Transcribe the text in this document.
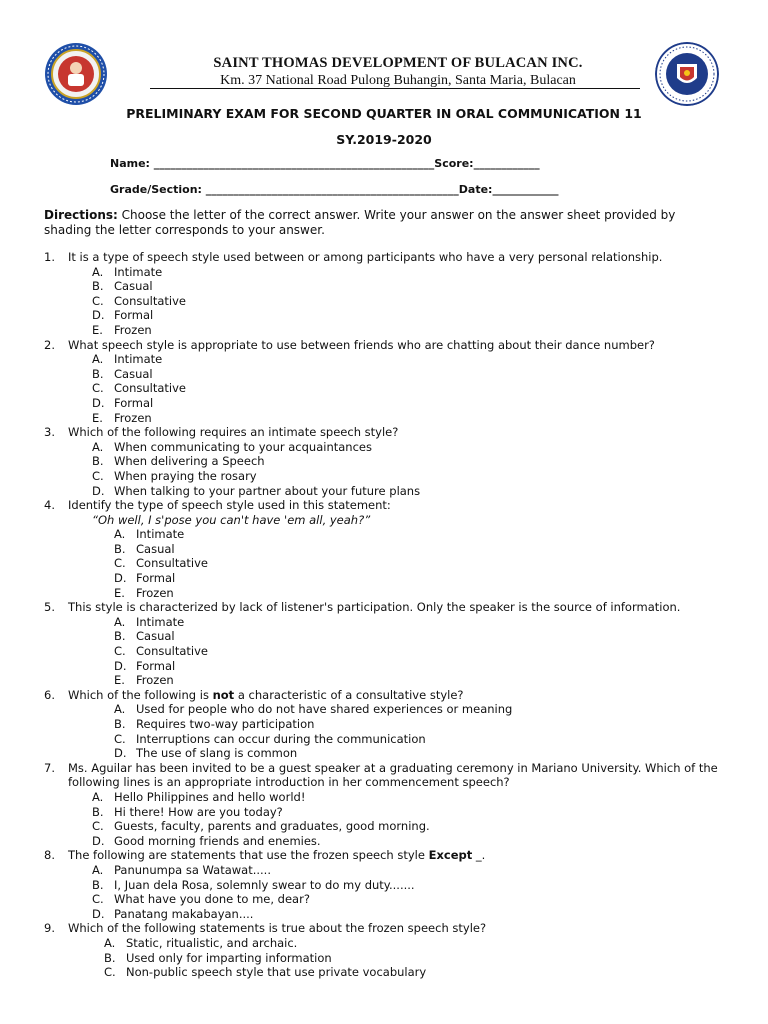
SAINT THOMAS DEVELOPMENT OF BULACAN INC.
Km. 37 National Road Pulong Buhangin, Santa Maria, Bulacan
PRELIMINARY EXAM FOR SECOND QUARTER IN ORAL COMMUNICATION 11
SY.2019-2020
Name: ___________________________________________________Score:____________
Grade/Section: ______________________________________________Date:____________
Directions: Choose the letter of the correct answer. Write your answer on the answer sheet provided by shading the letter corresponds to your answer.
1. It is a type of speech style used between or among participants who have a very personal relationship.
A. Intimate
B. Casual
C. Consultative
D. Formal
E. Frozen
2. What speech style is appropriate to use between friends who are chatting about their dance number?
A. Intimate
B. Casual
C. Consultative
D. Formal
E. Frozen
3. Which of the following requires an intimate speech style?
A. When communicating to your acquaintances
B. When delivering a Speech
C. When praying the rosary
D. When talking to your partner about your future plans
4. Identify the type of speech style used in this statement:
“Oh well, I s'pose you can't have 'em all, yeah?”
A. Intimate
B. Casual
C. Consultative
D. Formal
E. Frozen
5. This style is characterized by lack of listener's participation. Only the speaker is the source of information.
A. Intimate
B. Casual
C. Consultative
D. Formal
E. Frozen
6. Which of the following is not a characteristic of a consultative style?
A. Used for people who do not have shared experiences or meaning
B. Requires two-way participation
C. Interruptions can occur during the communication
D. The use of slang is common
7. Ms. Aguilar has been invited to be a guest speaker at a graduating ceremony in Mariano University. Which of the following lines is an appropriate introduction in her commencement speech?
A. Hello Philippines and hello world!
B. Hi there! How are you today?
C. Guests, faculty, parents and graduates, good morning.
D. Good morning friends and enemies.
8. The following are statements that use the frozen speech style Except _.
A. Panunumpa sa Watawat.....
B. I, Juan dela Rosa, solemnly swear to do my duty.......
C. What have you done to me, dear?
D. Panatang makabayan....
9. Which of the following statements is true about the frozen speech style?
A. Static, ritualistic, and archaic.
B. Used only for imparting information
C. Non-public speech style that use private vocabulary
